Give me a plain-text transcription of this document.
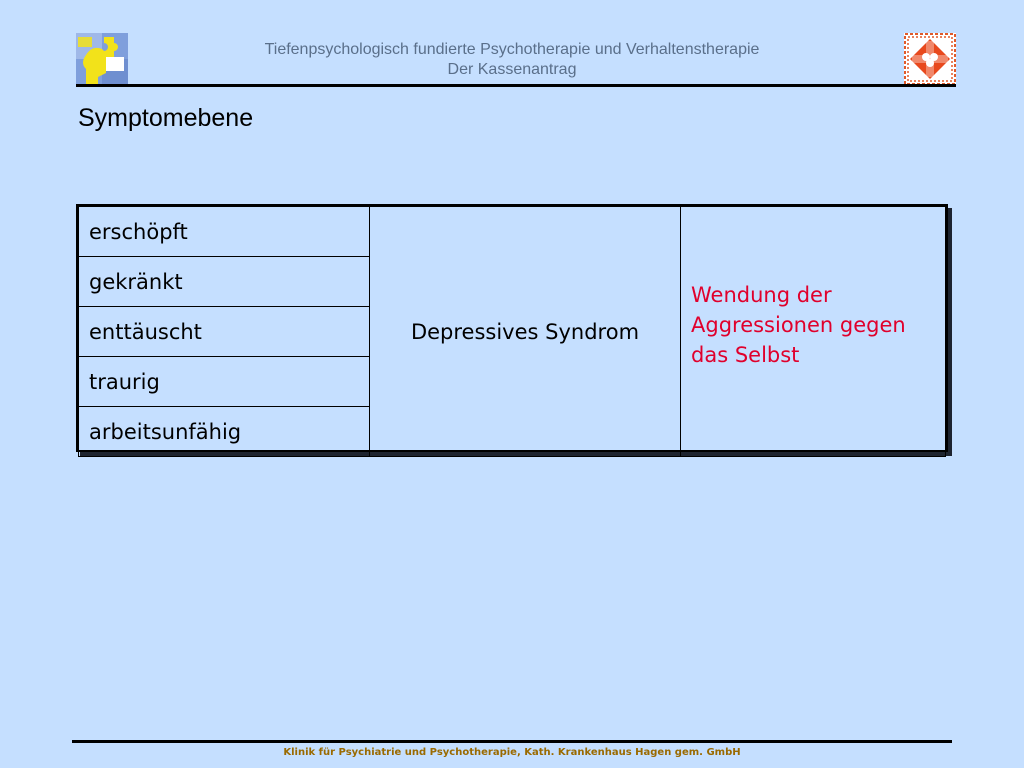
Tiefenpsychologisch fundierte Psychotherapie und Verhaltenstherapie
Der Kassenantrag
Symptomebene
erschöpft	Depressives Syndrom	Wendung der Aggressionen gegen das Selbst
gekränkt
enttäuscht
traurig
arbeitsunfähig
Klinik für Psychiatrie und Psychotherapie, Kath. Krankenhaus Hagen gem. GmbH
